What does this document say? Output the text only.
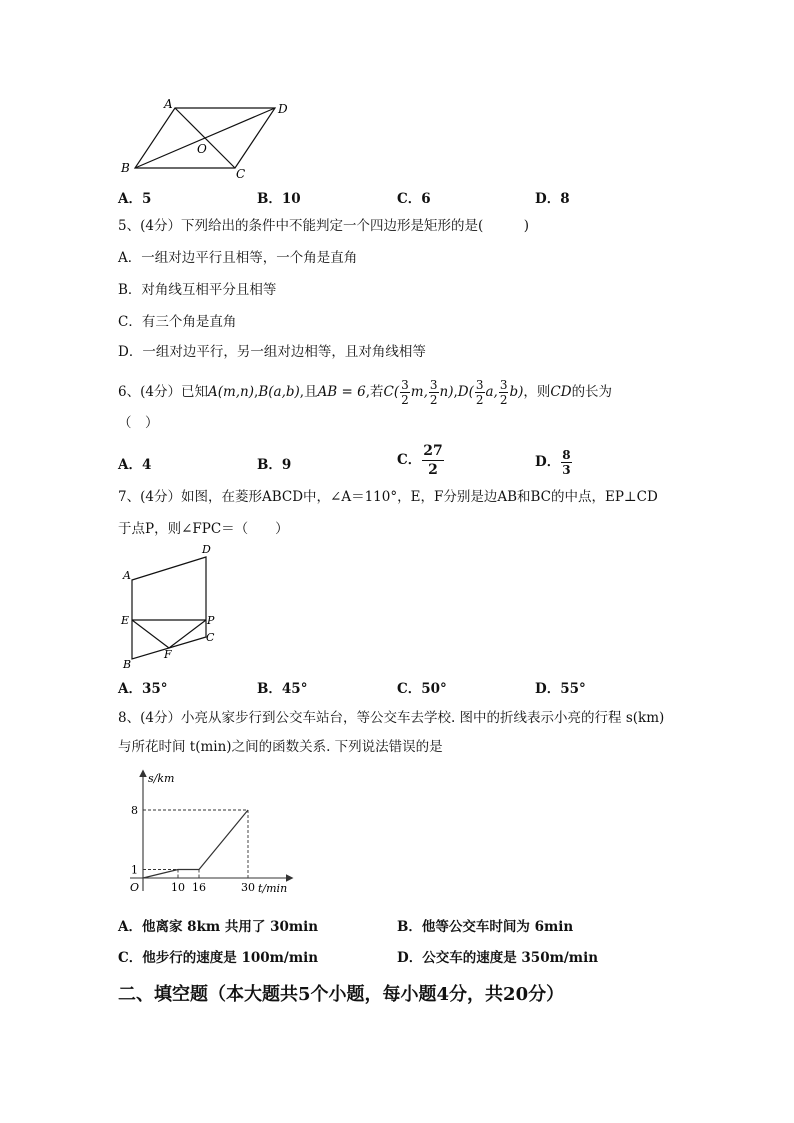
A	D
B	C
O
A．5	B．10	C．6	D．8
5、(4分）下列给出的条件中不能判定一个四边形是矩形的是(　　　)
A．一组对边平行且相等，一个角是直角
B．对角线互相平分且相等
C．有三个角是直角
D．一组对边平行，另一组对边相等，且对角线相等
6、(4分）已知A(m,n),B(a,b),且AB = 6,若$C( \frac{3}{2} m$, $\frac{3}{2} n),D( \frac{3}{2} a$, $\frac{3}{2} b$)，则CD的长为
（　）
A．4	B．9	C． $\frac{27}{2}$	D． $\frac{8}{3}$
7、(4分）如图，在菱形ABCD中，∠A＝110°，E，F分别是边AB和BC的中点，EP⊥CD
于点P，则∠FPC＝（　　）
D
A
E	P
C
F
B
A．35°	B．45°	C．50°	D．55°
8、(4分）小亮从家步行到公交车站台，等公交车去学校. 图中的折线表示小亮的行程 s(km)
与所花时间 t(min)之间的函数关系. 下列说法错误的是
10 16	30
1
8
s/km
t/min
O
A．他离家 8km 共用了 30min	B．他等公交车时间为 6min
C．他步行的速度是 100m/min	D．公交车的速度是 350m/min
二、填空题（本大题共5个小题，每小题4分，共20分）
